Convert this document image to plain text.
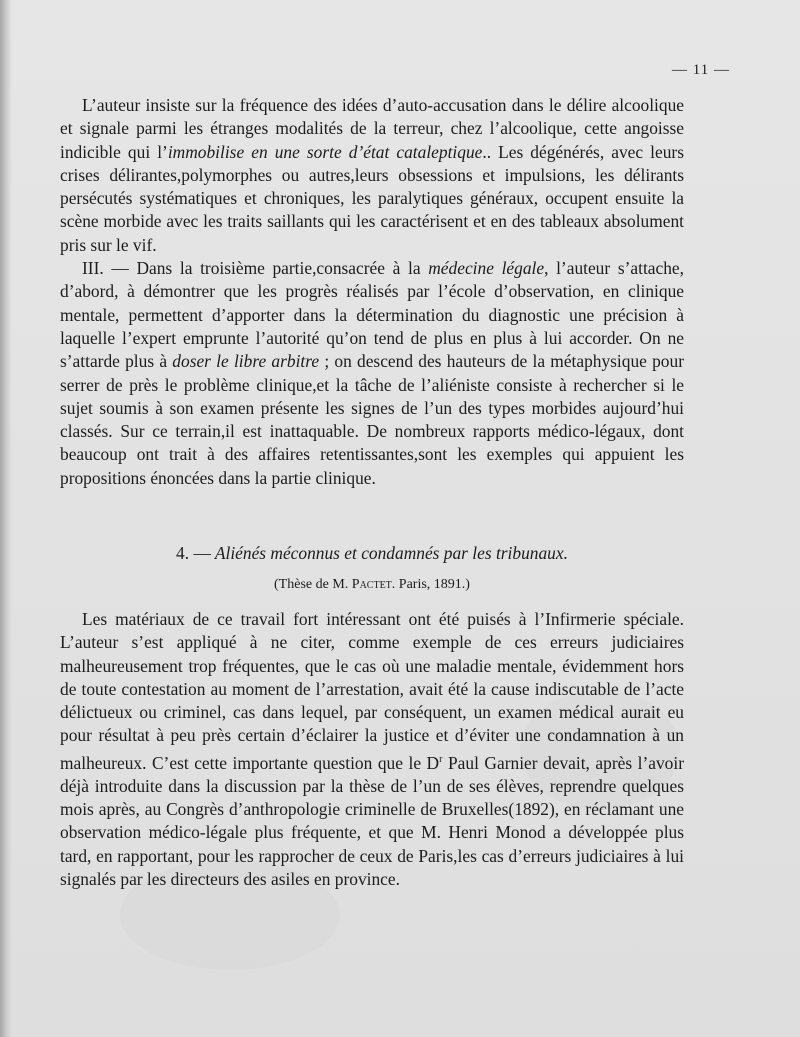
— 11 —

L’auteur insiste sur la fréquence des idées d’auto-accusation dans le délire alcoolique et signale parmi les étranges modalités de la terreur, chez l’alcoolique, cette angoisse indicible qui l’immobilise en une sorte d’état cataleptique.. Les dégénérés, avec leurs crises délirantes,polymorphes ou autres,leurs obsessions et impulsions, les délirants persécutés systématiques et chroniques, les paralytiques généraux, occupent ensuite la scène morbide avec les traits saillants qui les caractérisent et en des tableaux absolument pris sur le vif.

III. — Dans la troisième partie,consacrée à la médecine légale, l’auteur s’attache, d’abord, à démontrer que les progrès réalisés par l’école d’observation, en clinique mentale, permettent d’apporter dans la détermination du diagnostic une précision à laquelle l’expert emprunte l’autorité qu’on tend de plus en plus à lui accorder. On ne s’attarde plus à doser le libre arbitre ; on descend des hauteurs de la métaphysique pour serrer de près le problème clinique,et la tâche de l’aliéniste consiste à rechercher si le sujet soumis à son examen présente les signes de l’un des types morbides aujourd’hui classés. Sur ce terrain,il est inattaquable. De nombreux rapports médico-légaux, dont beaucoup ont trait à des affaires retentissantes,sont les exemples qui appuient les propositions énoncées dans la partie clinique.

4. — Aliénés méconnus et condamnés par les tribunaux.
(Thèse de M. Pactet. Paris, 1891.)

Les matériaux de ce travail fort intéressant ont été puisés à l’Infirmerie spéciale. L’auteur s’est appliqué à ne citer, comme exemple de ces erreurs judiciaires malheureusement trop fréquentes, que le cas où une maladie mentale, évidemment hors de toute contestation au moment de l’arrestation, avait été la cause indiscutable de l’acte délictueux ou criminel, cas dans lequel, par conséquent, un examen médical aurait eu pour résultat à peu près certain d’éclairer la justice et d’éviter une condamnation à un malheureux. C’est cette importante question que le $D^r$ Paul Garnier devait, après l’avoir déjà introduite dans la discussion par la thèse de l’un de ses élèves, reprendre quelques mois après, au Congrès d’anthropologie criminelle de Bruxelles(1892), en réclamant une observation médico-légale plus fréquente, et que M. Henri Monod a développée plus tard, en rapportant, pour les rapprocher de ceux de Paris,les cas d’erreurs judiciaires à lui signalés par les directeurs des asiles en province.
